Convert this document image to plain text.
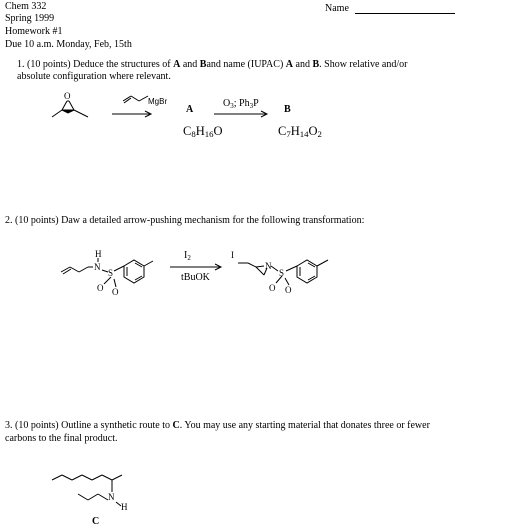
Chem 332
Spring 1999
Homework #1
Due 10 a.m. Monday, Feb, 15th
Name
1. (10 points) Deduce the structures of A and Band name (IUPAC) A and B. Show relative and/or
absolute configuration where relevant.
O
MgBr
A
$O_3$; $Ph_3P$
B
$C_8H_{16}O$	$C_7H_{14}O_2$
2. (10 points) Daw a detailed arrow-pushing mechanism for the following transformation:
H
N
S
O O
$I_2$
tBuOK
I
N
S
O O
3. (10 points) Outline a synthetic route to C. You may use any starting material that donates three or fewer
carbons to the final product.
N
H
C
